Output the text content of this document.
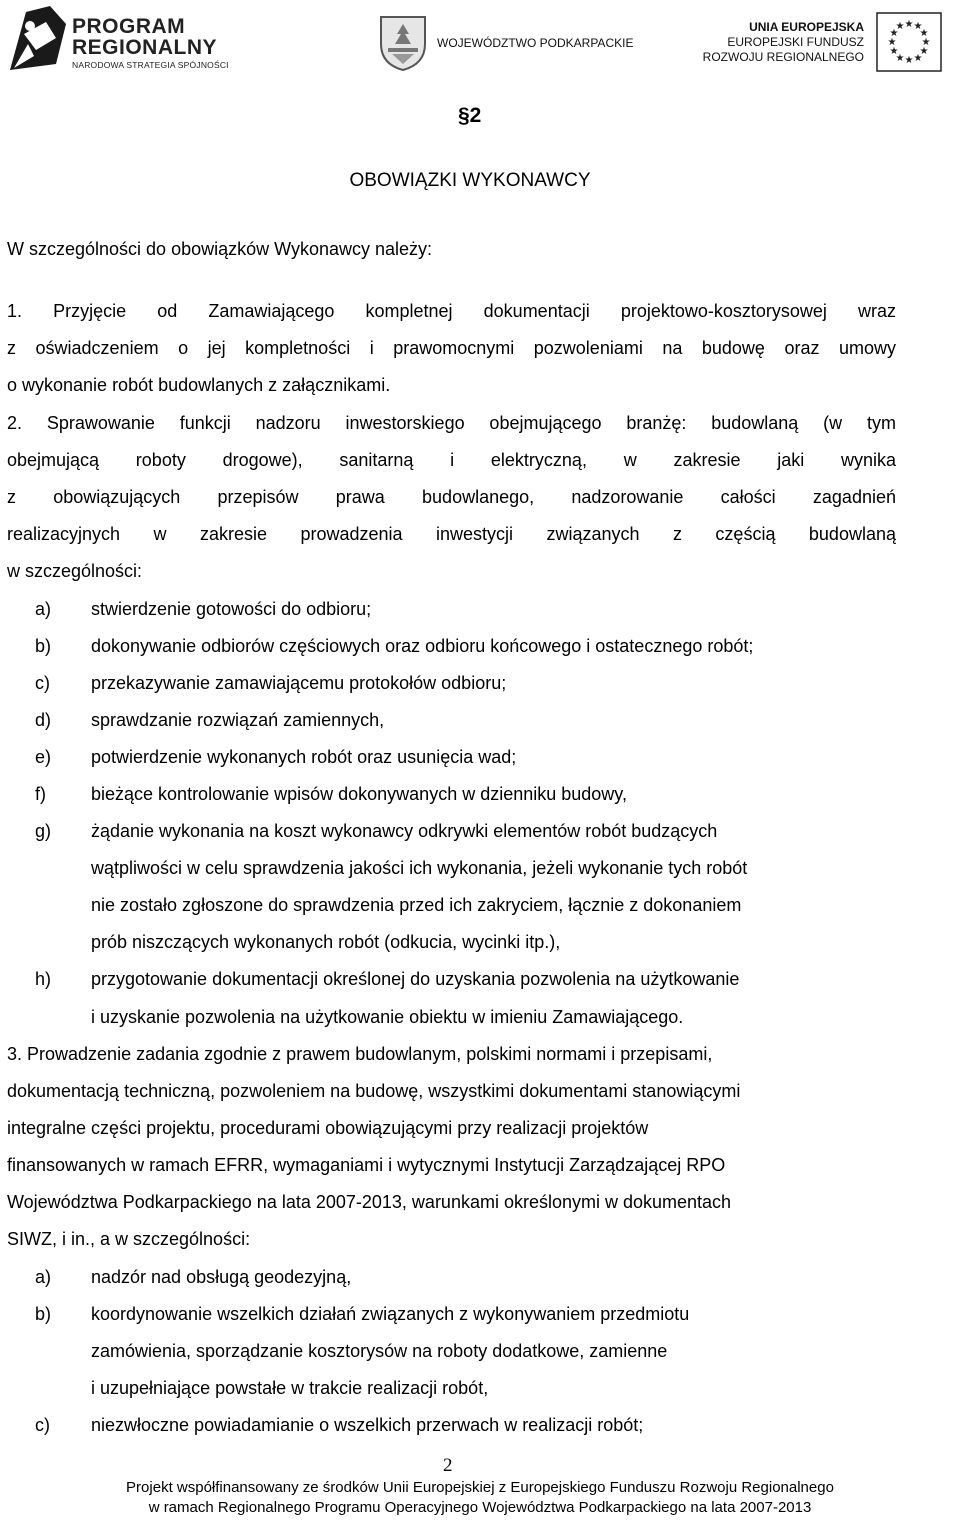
PROGRAM
REGIONALNY
NARODOWA STRATEGIA SPÓJNOŚCI
WOJEWÓDZTWO PODKARPACKIE
UNIA EUROPEJSKA
EUROPEJSKI FUNDUSZ
ROZWOJU REGIONALNEGO
★ ★
★
★
★
★
★
★
★
★
★
★
§2
OBOWIĄZKI WYKONAWCY
W szczególności do obowiązków Wykonawcy należy:
1. Przyjęcie od Zamawiającego kompletnej dokumentacji projektowo-kosztorysowej wraz
z oświadczeniem o jej kompletności i prawomocnymi pozwoleniami na budowę oraz umowy
o wykonanie robót budowlanych z załącznikami.
2. Sprawowanie funkcji nadzoru inwestorskiego obejmującego branżę: budowlaną (w tym
obejmującą roboty drogowe), sanitarną i elektryczną, w zakresie jaki wynika
z obowiązujących przepisów prawa budowlanego, nadzorowanie całości zagadnień
realizacyjnych w zakresie prowadzenia inwestycji związanych z częścią budowlaną
w szczególności:
a) stwierdzenie gotowości do odbioru;
b) dokonywanie odbiorów częściowych oraz odbioru końcowego i ostatecznego robót;
c) przekazywanie zamawiającemu protokołów odbioru;
d) sprawdzanie rozwiązań zamiennych,
e) potwierdzenie wykonanych robót oraz usunięcia wad;
f)	bieżące kontrolowanie wpisów dokonywanych w dzienniku budowy,
g) żądanie wykonania na koszt wykonawcy odkrywki elementów robót budzących
wątpliwości w celu sprawdzenia jakości ich wykonania, jeżeli wykonanie tych robót
nie zostało zgłoszone do sprawdzenia przed ich zakryciem, łącznie z dokonaniem
prób niszczących wykonanych robót (odkucia, wycinki itp.),
h) przygotowanie dokumentacji określonej do uzyskania pozwolenia na użytkowanie
i uzyskanie pozwolenia na użytkowanie obiektu w imieniu Zamawiającego.
3. Prowadzenie zadania zgodnie z prawem budowlanym, polskimi normami i przepisami,
dokumentacją techniczną, pozwoleniem na budowę, wszystkimi dokumentami stanowiącymi
integralne części projektu, procedurami obowiązującymi przy realizacji projektów
finansowanych w ramach EFRR, wymaganiami i wytycznymi Instytucji Zarządzającej RPO
Województwa Podkarpackiego na lata 2007-2013, warunkami określonymi w dokumentach
SIWZ, i in., a w szczególności:
a) nadzór nad obsługą geodezyjną,
b) koordynowanie wszelkich działań związanych z wykonywaniem przedmiotu
zamówienia, sporządzanie kosztorysów na roboty dodatkowe, zamienne
i uzupełniające powstałe w trakcie realizacji robót,
c) niezwłoczne powiadamianie o wszelkich przerwach w realizacji robót;
2
Projekt współfinansowany ze środków Unii Europejskiej z Europejskiego Funduszu Rozwoju Regionalnego
w ramach Regionalnego Programu Operacyjnego Województwa Podkarpackiego na lata 2007-2013
